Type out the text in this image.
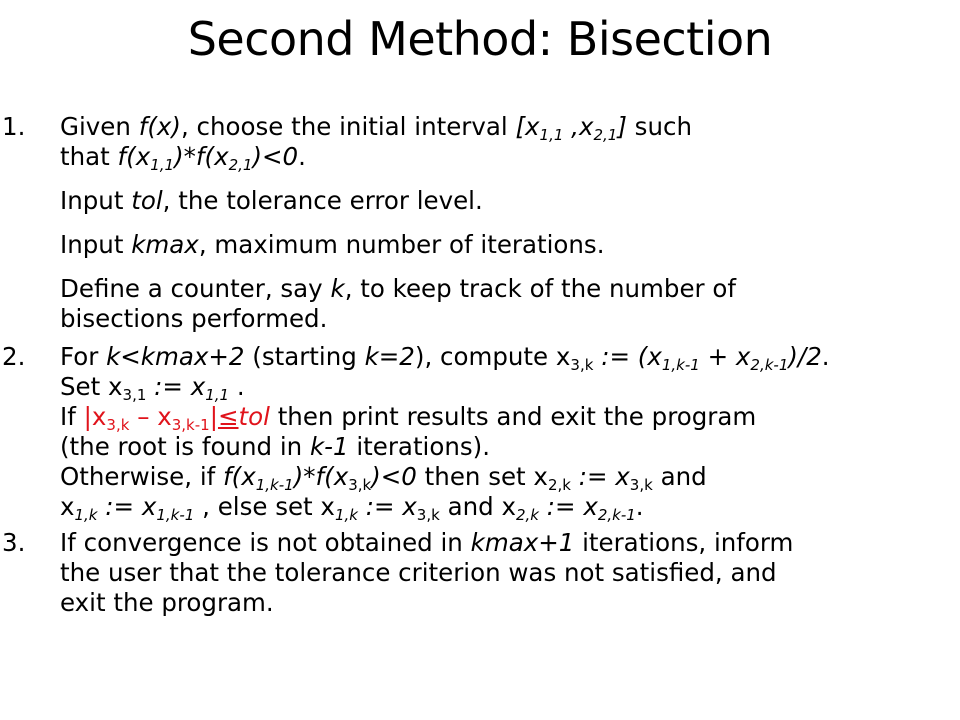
Second Method: Bisection
1. Given f(x), choose the initial interval [$x_{1,1}$ $,x_{2,1}$] such
that $f(x_{1,1})*f(x_{2,1})<0$.
Input tol, the tolerance error level.
Input kmax, maximum number of iterations.
Define a counter, say k, to keep track of the number of
bisections performed.
2. For k<kmax+2 (starting k=2), compute $x_{3,k}$ := $(x_{1,k-1} + x_{2,k-1})/2$.
Set $x_{3,1}$ := $x_{1,1}$ .
If $|x_{3,k} - x_{3,k-1}|\le tol$ then print results and exit the program
(the root is found in k-1 iterations).
Otherwise, if $f(x_{1,k-1})*f(x_{3,k})<0$ then set $x_{2,k}$ := $x_{3,k}$ and
$x_{1,k}$ := $x_{1,k-1}$ , else set $x_{1,k}$ := $x_{3,k}$ and $x_{2,k}$ := $x_{2,k-1}$.
3. If convergence is not obtained in kmax+1 iterations, inform
the user that the tolerance criterion was not satisfied, and
exit the program.
